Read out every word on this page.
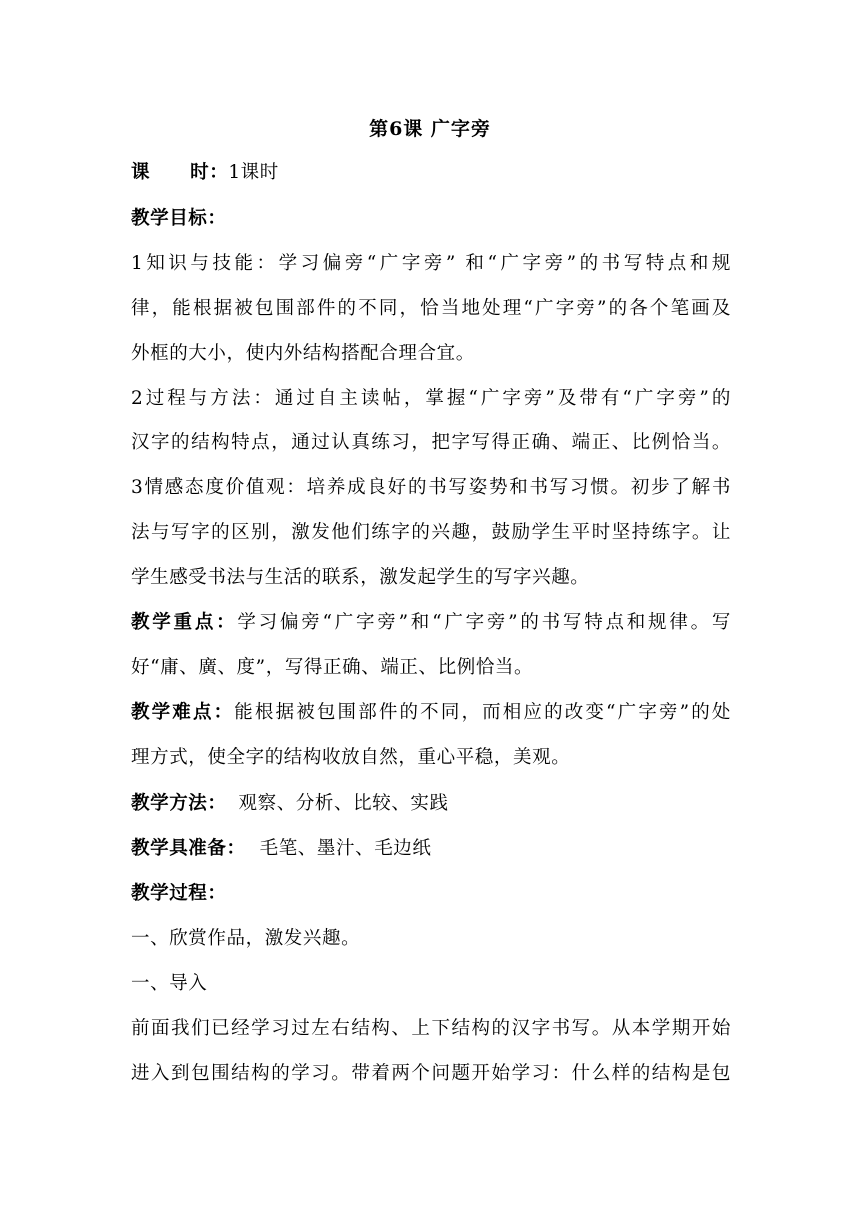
第6课 广字旁
课 时：1课时
教学目标：
1知识与技能：学习偏旁“广字旁” 和“广字旁”的书写特点和规
律，能根据被包围部件的不同，恰当地处理“广字旁”的各个笔画及
外框的大小，使内外结构搭配合理合宜。
2过程与方法：通过自主读帖，掌握“广字旁”及带有“广字旁”的
汉字的结构特点，通过认真练习，把字写得正确、端正、比例恰当。
3情感态度价值观：培养成良好的书写姿势和书写习惯。初步了解书
法与写字的区别，激发他们练字的兴趣，鼓励学生平时坚持练字。让
学生感受书法与生活的联系，激发起学生的写字兴趣。
教学重点：学习偏旁“广字旁”和“广字旁”的书写特点和规律。写
好“庸、廣、度”，写得正确、端正、比例恰当。
教学难点：能根据被包围部件的不同，而相应的改变“广字旁”的处
理方式，使全字的结构收放自然，重心平稳，美观。
教学方法： 观察、分析、比较、实践
教学具准备： 毛笔、墨汁、毛边纸
教学过程：
一、欣赏作品，激发兴趣。
一、导入
前面我们已经学习过左右结构、上下结构的汉字书写。从本学期开始
进入到包围结构的学习。带着两个问题开始学习：什么样的结构是包
